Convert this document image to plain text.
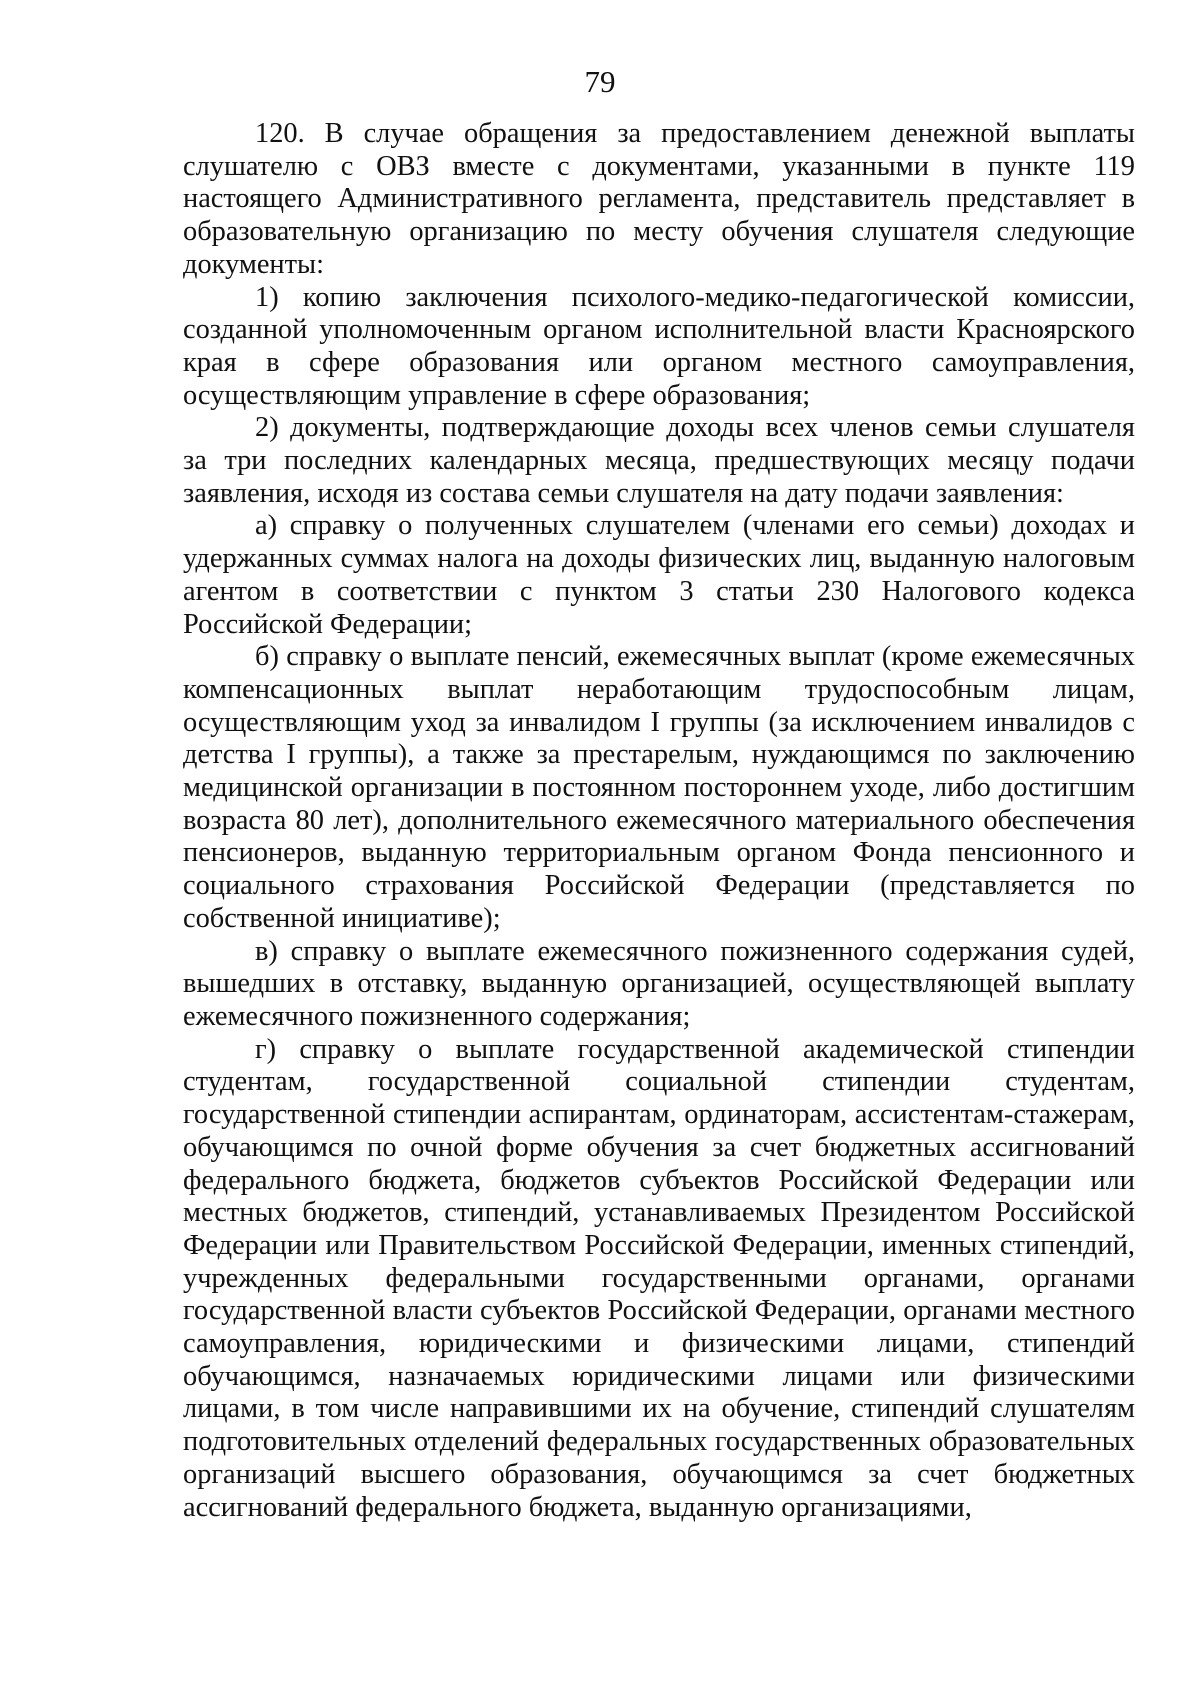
79

120. В случае обращения за предоставлением денежной выплаты слушателю с ОВЗ вместе с документами, указанными в пункте 119 настоящего Административного регламента, представитель представляет в образовательную организацию по месту обучения слушателя следующие документы:

1) копию заключения психолого-медико-педагогической комиссии, созданной уполномоченным органом исполнительной власти Красноярского края в сфере образования или органом местного самоуправления, осуществляющим управление в сфере образования;

2) документы, подтверждающие доходы всех членов семьи слушателя за три последних календарных месяца, предшествующих месяцу подачи заявления, исходя из состава семьи слушателя на дату подачи заявления:

а) справку о полученных слушателем (членами его семьи) доходах и удержанных суммах налога на доходы физических лиц, выданную налоговым агентом в соответствии с пунктом 3 статьи 230 Налогового кодекса Российской Федерации;

б) справку о выплате пенсий, ежемесячных выплат (кроме ежемесячных компенсационных выплат неработающим трудоспособным лицам, осуществляющим уход за инвалидом I группы (за исключением инвалидов с детства I группы), а также за престарелым, нуждающимся по заключению медицинской организации в постоянном постороннем уходе, либо достигшим возраста 80 лет), дополнительного ежемесячного материального обеспечения пенсионеров, выданную территориальным органом Фонда пенсионного и социального страхования Российской Федерации (представляется по собственной инициативе);

в) справку о выплате ежемесячного пожизненного содержания судей, вышедших в отставку, выданную организацией, осуществляющей выплату ежемесячного пожизненного содержания;

г) справку о выплате государственной академической стипендии студентам, государственной социальной стипендии студентам, государственной стипендии аспирантам, ординаторам, ассистентам-стажерам, обучающимся по очной форме обучения за счет бюджетных ассигнований федерального бюджета, бюджетов субъектов Российской Федерации или местных бюджетов, стипендий, устанавливаемых Президентом Российской Федерации или Правительством Российской Федерации, именных стипендий, учрежденных федеральными государственными органами, органами государственной власти субъектов Российской Федерации, органами местного самоуправления, юридическими и физическими лицами, стипендий обучающимся, назначаемых юридическими лицами или физическими лицами, в том числе направившими их на обучение, стипендий слушателям подготовительных отделений федеральных государственных образовательных организаций высшего образования, обучающимся за счет бюджетных ассигнований федерального бюджета, выданную организациями,
